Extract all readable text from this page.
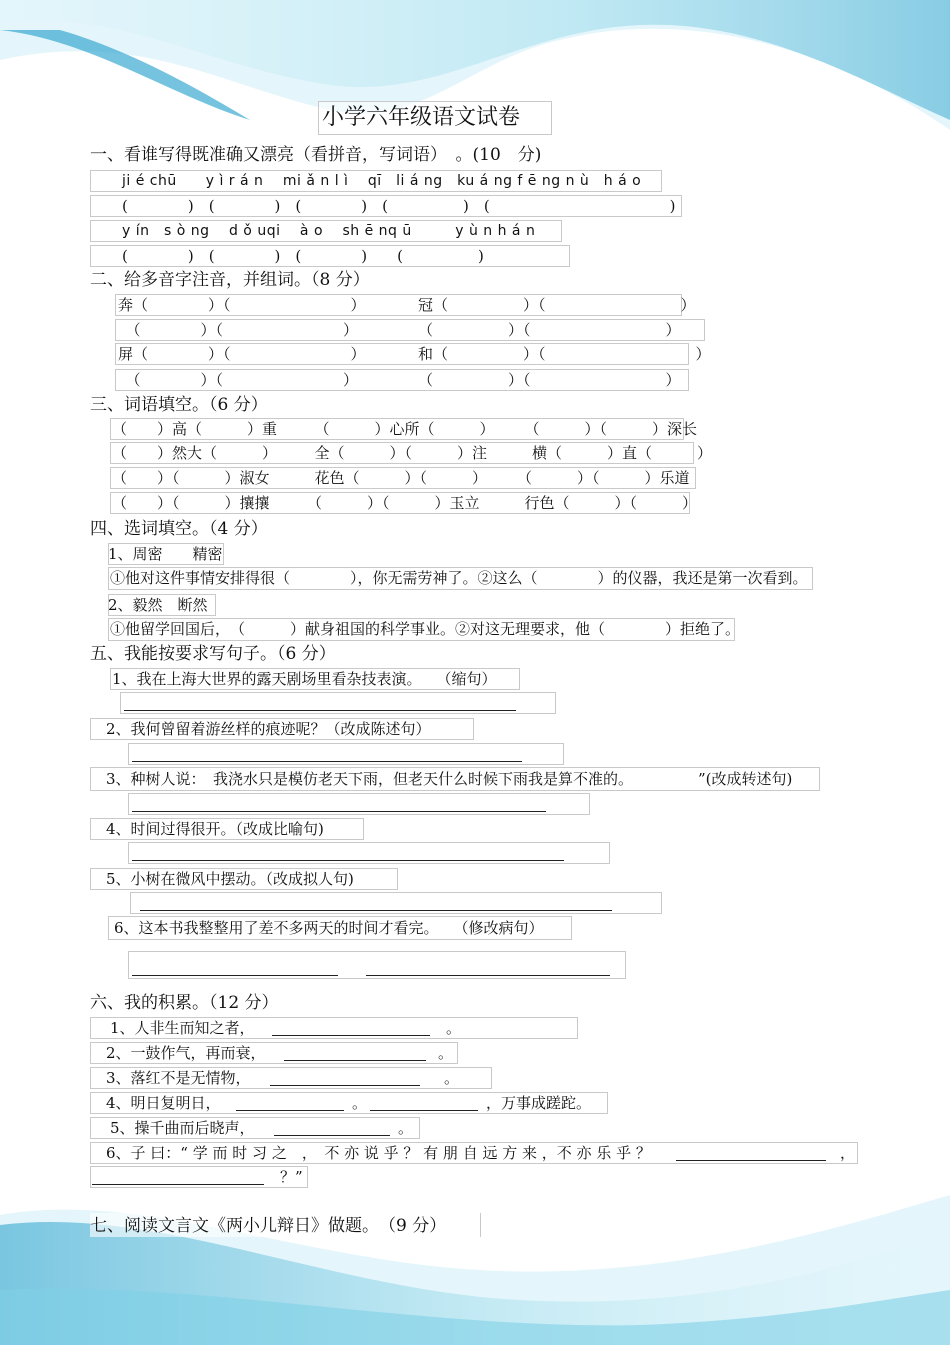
小学六年级语文试卷
一、看谁写得既准确又漂亮（看拼音，写词语）　。(10　分)
ji é chū　　y ì r á n　 mi ǎ n l ì　 qī　li á ng　ku á ng f ē ng n ù　h á o
(　　　　)　(　　　　)　(　　　　)　(　　　　　)　(　　　　　　　　　　　　)
y ín　s ò ng　 d ǒ uqi　 à o　 sh ē nq ū　　　y ù n h á n
(　　　　)　(　　　　)　(　　　　)　　(　　　　　)
二、给多音字注音，并组词。（8 分）
奔（　　　　）（　　　　　　　　）　　　　冠（　　　　　）（　　　　　　　　　）
　（　　　　）（　　　　　　　　）　　　　　（　　　　　）（　　　　　　　　　）
屏（　　　　）（　　　　　　　　）　　　　和（　　　　　）（　　　　　　　　　　）
　（　　　　）（　　　　　　　　）　　　　　（　　　　　）（　　　　　　　　　）
三、词语填空。（6 分）
（　　）高（　　　）重　　　（　　　）心所（　　　）　　　（　　　）（　　　）深长
（　　）然大（　　　）　　　全（　　　）（　　　）注　　　横（　　　）直（　　　）
（　　）（　　　）淑女　　　花色（　　　）（　　　）　　　（　　　）（　　　）乐道
（　　）（　　　）攘攘　　　（　　　）（　　　）玉立　　　行色（　　　）（　　　）
四、选词填空。（4 分）
1、周密　　精密
①他对这件事情安排得很（　　　　），你无需劳神了。②这么（　　　　）的仪器，我还是第一次看到。
2、毅然　断然
①他留学回国后，　（　　　）献身祖国的科学事业。②对这无理要求，他（　　　　）拒绝了。
五、我能按要求写句子。（6 分）
1、我在上海大世界的露天剧场里看杂技表演。　　（缩句）
2、我何曾留着游丝样的痕迹呢？（改成陈述句）
3、种树人说：　我浇水只是模仿老天下雨，但老天什么时候下雨我是算不准的。	”(改成转述句)
4、时间过得很开。（改成比喻句)
5、小树在微风中摆动。（改成拟人句)
6、这本书我整整用了差不多两天的时间才看完。　　（修改病句）
六、我的积累。（12 分）
1、人非生而知之者，	。
2、一鼓作气，再而衰，	。
3、落红不是无情物，	。
4、明日复明日，	。	，万事成蹉跎。
5、操千曲而后晓声，	。
6、子 曰：“ 学 而 时 习 之　，　不 亦 说 乎 ？ 有 朋 自 远 方 来 ，不 亦 乐 乎 ？	，
？”
七、阅读文言文《两小儿辩日》做题。　（9 分）
